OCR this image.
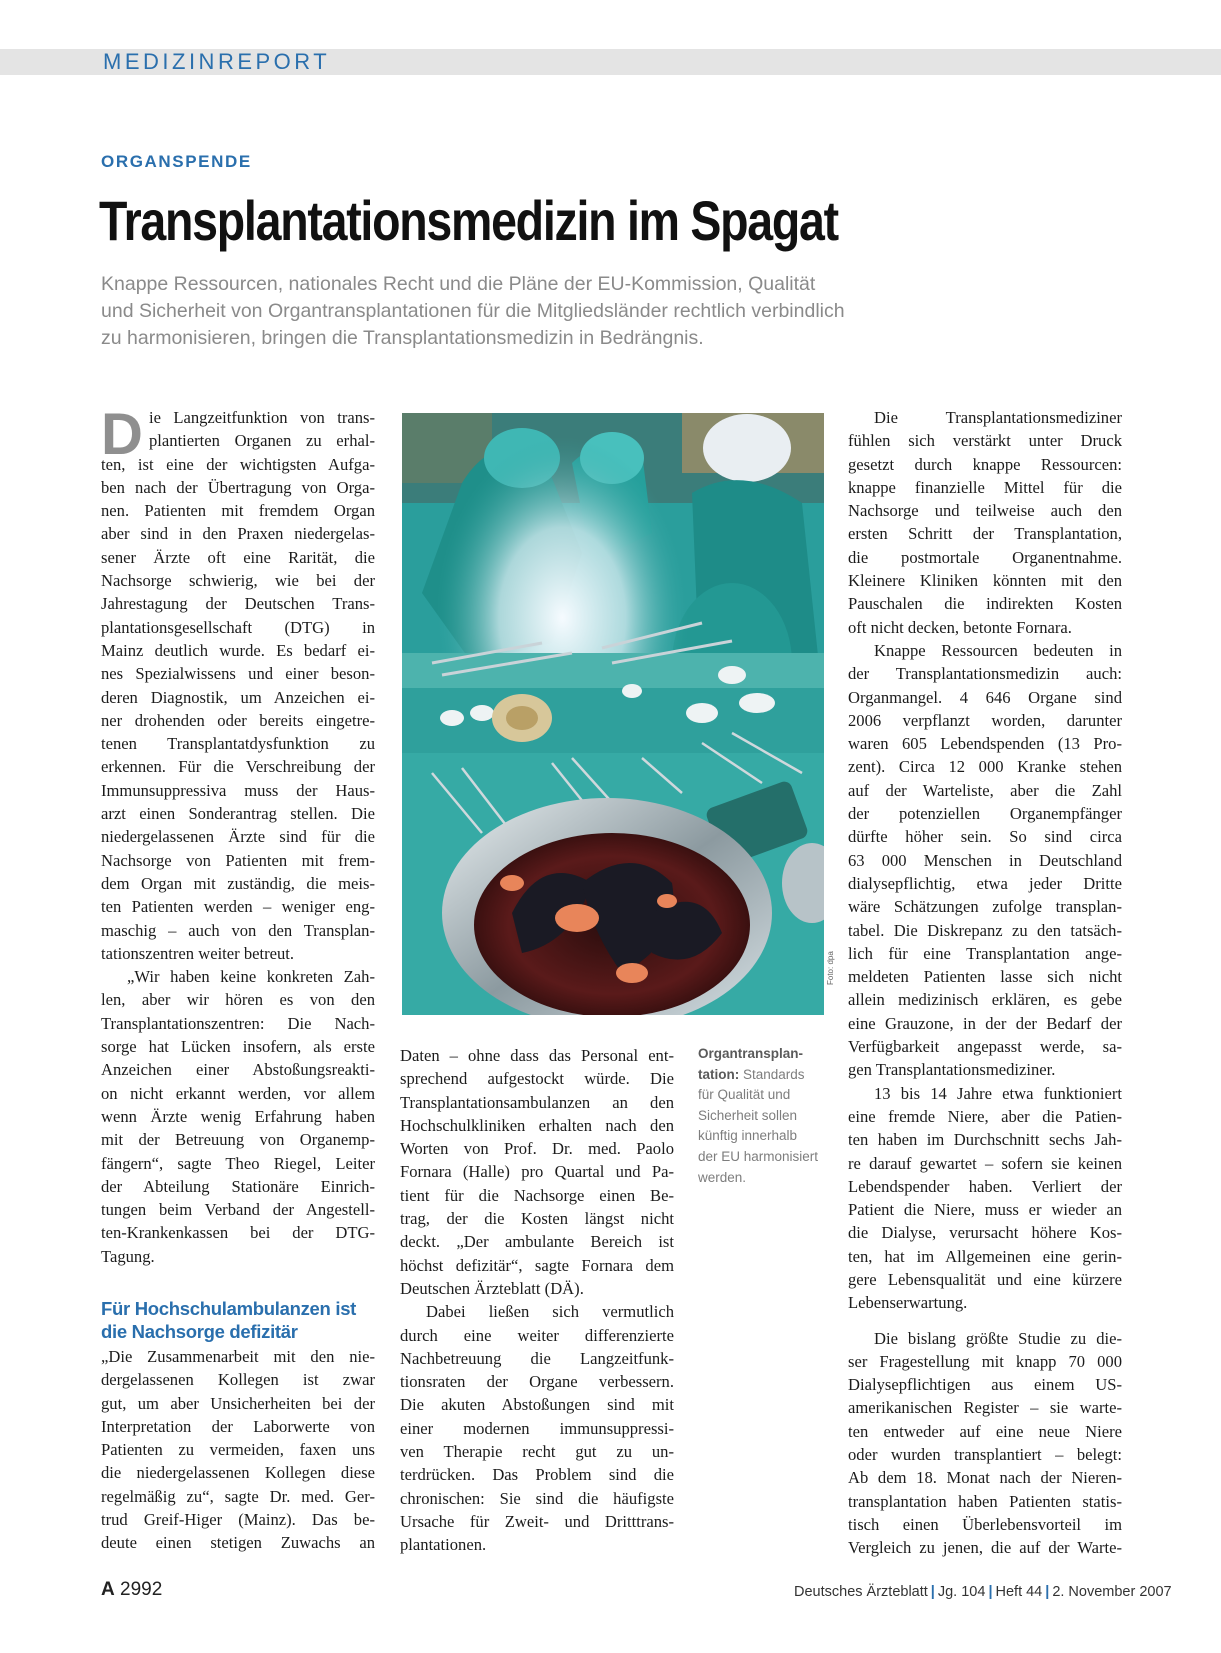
MEDIZINREPORT
ORGANSPENDE
Transplantationsmedizin im Spagat
Knappe Ressourcen, nationales Recht und die Pläne der EU-Kommission, Qualität
und Sicherheit von Organtransplantationen für die Mitgliedsländer rechtlich verbindlich
zu harmonisieren, bringen die Transplantationsmedizin in Bedrängnis.
D ie Langzeitfunktion von trans-
plantierten Organen zu erhal-
ten, ist eine der wichtigsten Aufga-
ben nach der Übertragung von Orga-
nen. Patienten mit fremdem Organ
aber sind in den Praxen niedergelas-
sener Ärzte oft eine Rarität, die
Nachsorge schwierig, wie bei der
Jahrestagung der Deutschen Trans-
plantationsgesellschaft (DTG) in
Mainz deutlich wurde. Es bedarf ei-
nes Spezialwissens und einer beson-
deren Diagnostik, um Anzeichen ei-
ner drohenden oder bereits eingetre-
tenen Transplantatdysfunktion zu
erkennen. Für die Verschreibung der
Immunsuppressiva muss der Haus-
arzt einen Sonderantrag stellen. Die
niedergelassenen Ärzte sind für die
Nachsorge von Patienten mit frem-
dem Organ mit zuständig, die meis-
ten Patienten werden – weniger eng-
maschig – auch von den Transplan-
tationszentren weiter betreut.
„Wir haben keine konkreten Zah-
len, aber wir hören es von den
Transplantationszentren: Die Nach-
sorge hat Lücken insofern, als erste
Anzeichen einer Abstoßungsreakti-
on nicht erkannt werden, vor allem
wenn Ärzte wenig Erfahrung haben
mit der Betreuung von Organemp-
fängern“, sagte Theo Riegel, Leiter
der Abteilung Stationäre Einrich-
tungen beim Verband der Angestell-
ten-Krankenkassen bei der DTG-
Tagung.
Für Hochschulambulanzen ist
die Nachsorge defizitär
„Die Zusammenarbeit mit den nie-
dergelassenen Kollegen ist zwar
gut, um aber Unsicherheiten bei der
Interpretation der Laborwerte von
Patienten zu vermeiden, faxen uns
die niedergelassenen Kollegen diese
regelmäßig zu“, sagte Dr. med. Ger-
trud Greif-Higer (Mainz). Das be-
deute einen stetigen Zuwachs an
Foto: dpa
Organtransplan-
tation: Standards
für Qualität und
Sicherheit sollen
künftig innerhalb
der EU harmonisiert
werden.
Daten – ohne dass das Personal ent-
sprechend aufgestockt würde. Die
Transplantationsambulanzen an den
Hochschulkliniken erhalten nach den
Worten von Prof. Dr. med. Paolo
Fornara (Halle) pro Quartal und Pa-
tient für die Nachsorge einen Be-
trag, der die Kosten längst nicht
deckt. „Der ambulante Bereich ist
höchst defizitär“, sagte Fornara dem
Deutschen Ärzteblatt (DÄ).
Dabei ließen sich vermutlich
durch eine weiter differenzierte
Nachbetreuung die Langzeitfunk-
tionsraten der Organe verbessern.
Die akuten Abstoßungen sind mit
einer modernen immunsuppressi-
ven Therapie recht gut zu un-
terdrücken. Das Problem sind die
chronischen: Sie sind die häufigste
Ursache für Zweit- und Dritttrans-
plantationen.
Die Transplantationsmediziner
fühlen sich verstärkt unter Druck
gesetzt durch knappe Ressourcen:
knappe finanzielle Mittel für die
Nachsorge und teilweise auch den
ersten Schritt der Transplantation,
die postmortale Organentnahme.
Kleinere Kliniken könnten mit den
Pauschalen die indirekten Kosten
oft nicht decken, betonte Fornara.
Knappe Ressourcen bedeuten in
der Transplantationsmedizin auch:
Organmangel. 4 646 Organe sind
2006 verpflanzt worden, darunter
waren 605 Lebendspenden (13 Pro-
zent). Circa 12 000 Kranke stehen
auf der Warteliste, aber die Zahl
der potenziellen Organempfänger
dürfte höher sein. So sind circa
63 000 Menschen in Deutschland
dialysepflichtig, etwa jeder Dritte
wäre Schätzungen zufolge transplan-
tabel. Die Diskrepanz zu den tatsäch-
lich für eine Transplantation ange-
meldeten Patienten lasse sich nicht
allein medizinisch erklären, es gebe
eine Grauzone, in der der Bedarf der
Verfügbarkeit angepasst werde, sa-
gen Transplantationsmediziner.
13 bis 14 Jahre etwa funktioniert
eine fremde Niere, aber die Patien-
ten haben im Durchschnitt sechs Jah-
re darauf gewartet – sofern sie keinen
Lebendspender haben. Verliert der
Patient die Niere, muss er wieder an
die Dialyse, verursacht höhere Kos-
ten, hat im Allgemeinen eine gerin-
gere Lebensqualität und eine kürzere
Lebenserwartung.
Die bislang größte Studie zu die-
ser Fragestellung mit knapp 70 000
Dialysepflichtigen aus einem US-
amerikanischen Register – sie warte-
ten entweder auf eine neue Niere
oder wurden transplantiert – belegt:
Ab dem 18. Monat nach der Nieren-
transplantation haben Patienten statis-
tisch einen Überlebensvorteil im
Vergleich zu jenen, die auf der Warte-
A 2992	Deutsches Ärzteblatt | Jg. 104 | Heft 44 | 2. November 2007
